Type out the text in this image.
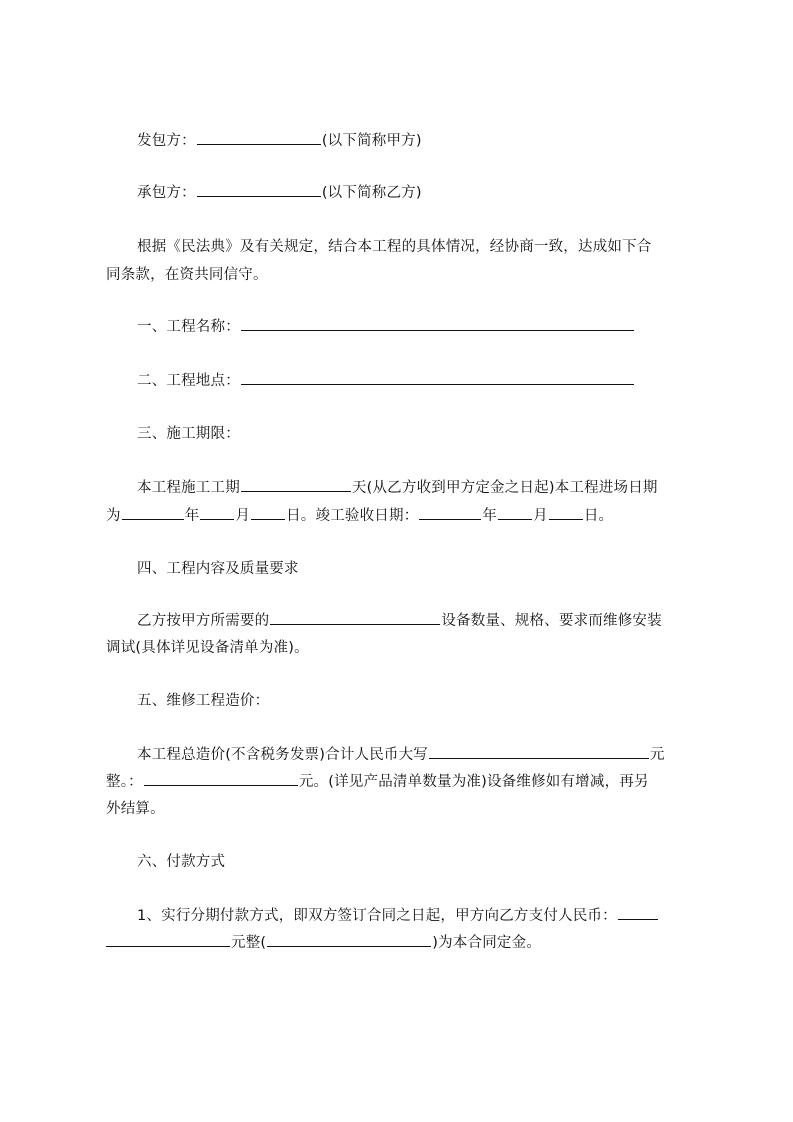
发包方：	(以下简称甲方)
承包方：	(以下简称乙方)
根据《民法典》及有关规定，结合本工程的具体情况，经协商一致，达成如下合
同条款，在资共同信守。
一、工程名称：
二、工程地点：
三、施工期限：
本工程施工工期	天(从乙方收到甲方定金之日起)本工程进场日期
为	年 月 日。竣工验收日期：	年 月 日。
四、工程内容及质量要求
乙方按甲方所需要的	设备数量、规格、要求而维修安装
调试(具体详见设备清单为准)。
五、维修工程造价：
本工程总造价(不含税务发票)合计人民币大写	元
整。：	元。(详见产品清单数量为准)设备维修如有增减，再另
外结算。
六、付款方式
1、实行分期付款方式，即双方签订合同之日起，甲方向乙方支付人民币：
元整(	)为本合同定金。
